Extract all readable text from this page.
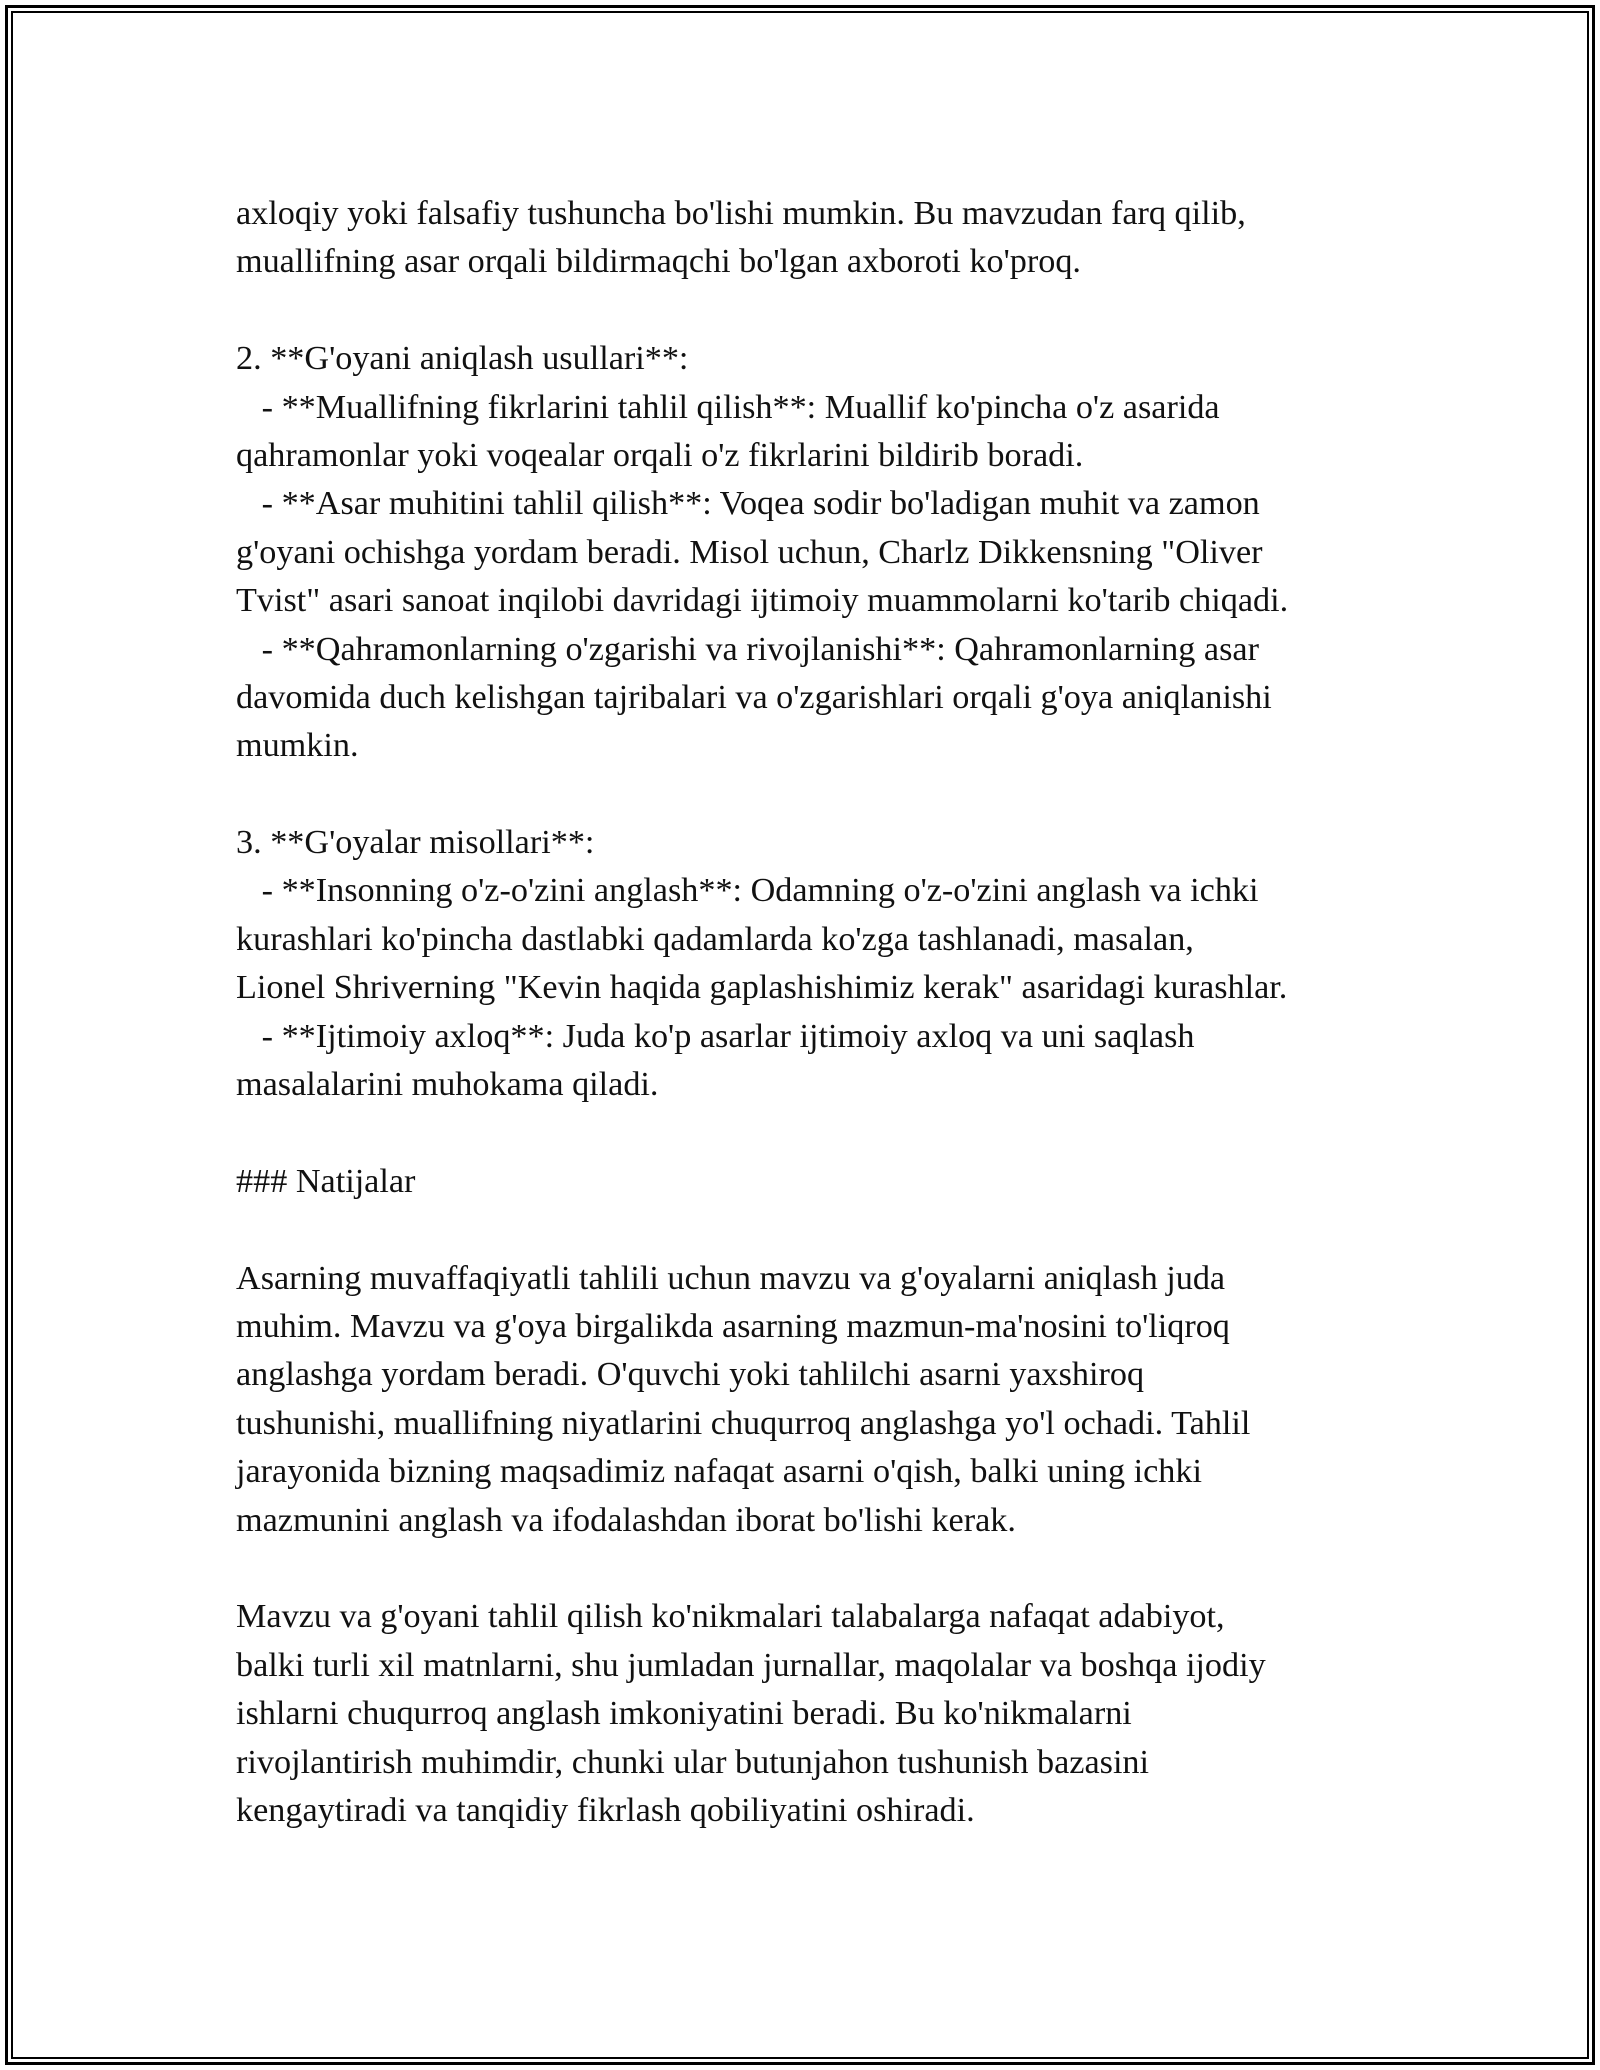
axloqiy yoki falsafiy tushuncha bo'lishi mumkin. Bu mavzudan farq qilib,
muallifning asar orqali bildirmaqchi bo'lgan axboroti ko'proq.
2. **G'oyani aniqlash usullari**:
- **Muallifning fikrlarini tahlil qilish**: Muallif ko'pincha o'z asarida
qahramonlar yoki voqealar orqali o'z fikrlarini bildirib boradi.
- **Asar muhitini tahlil qilish**: Voqea sodir bo'ladigan muhit va zamon
g'oyani ochishga yordam beradi. Misol uchun, Charlz Dikkensning "Oliver
Tvist" asari sanoat inqilobi davridagi ijtimoiy muammolarni ko'tarib chiqadi.
- **Qahramonlarning o'zgarishi va rivojlanishi**: Qahramonlarning asar
davomida duch kelishgan tajribalari va o'zgarishlari orqali g'oya aniqlanishi
mumkin.
3. **G'oyalar misollari**:
- **Insonning o'z-o'zini anglash**: Odamning o'z-o'zini anglash va ichki
kurashlari ko'pincha dastlabki qadamlarda ko'zga tashlanadi, masalan,
Lionel Shriverning "Kevin haqida gaplashishimiz kerak" asaridagi kurashlar.
- **Ijtimoiy axloq**: Juda ko'p asarlar ijtimoiy axloq va uni saqlash
masalalarini muhokama qiladi.
### Natijalar
Asarning muvaffaqiyatli tahlili uchun mavzu va g'oyalarni aniqlash juda
muhim. Mavzu va g'oya birgalikda asarning mazmun-ma'nosini to'liqroq
anglashga yordam beradi. O'quvchi yoki tahlilchi asarni yaxshiroq
tushunishi, muallifning niyatlarini chuqurroq anglashga yo'l ochadi. Tahlil
jarayonida bizning maqsadimiz nafaqat asarni o'qish, balki uning ichki
mazmunini anglash va ifodalashdan iborat bo'lishi kerak.
Mavzu va g'oyani tahlil qilish ko'nikmalari talabalarga nafaqat adabiyot,
balki turli xil matnlarni, shu jumladan jurnallar, maqolalar va boshqa ijodiy
ishlarni chuqurroq anglash imkoniyatini beradi. Bu ko'nikmalarni
rivojlantirish muhimdir, chunki ular butunjahon tushunish bazasini
kengaytiradi va tanqidiy fikrlash qobiliyatini oshiradi.
